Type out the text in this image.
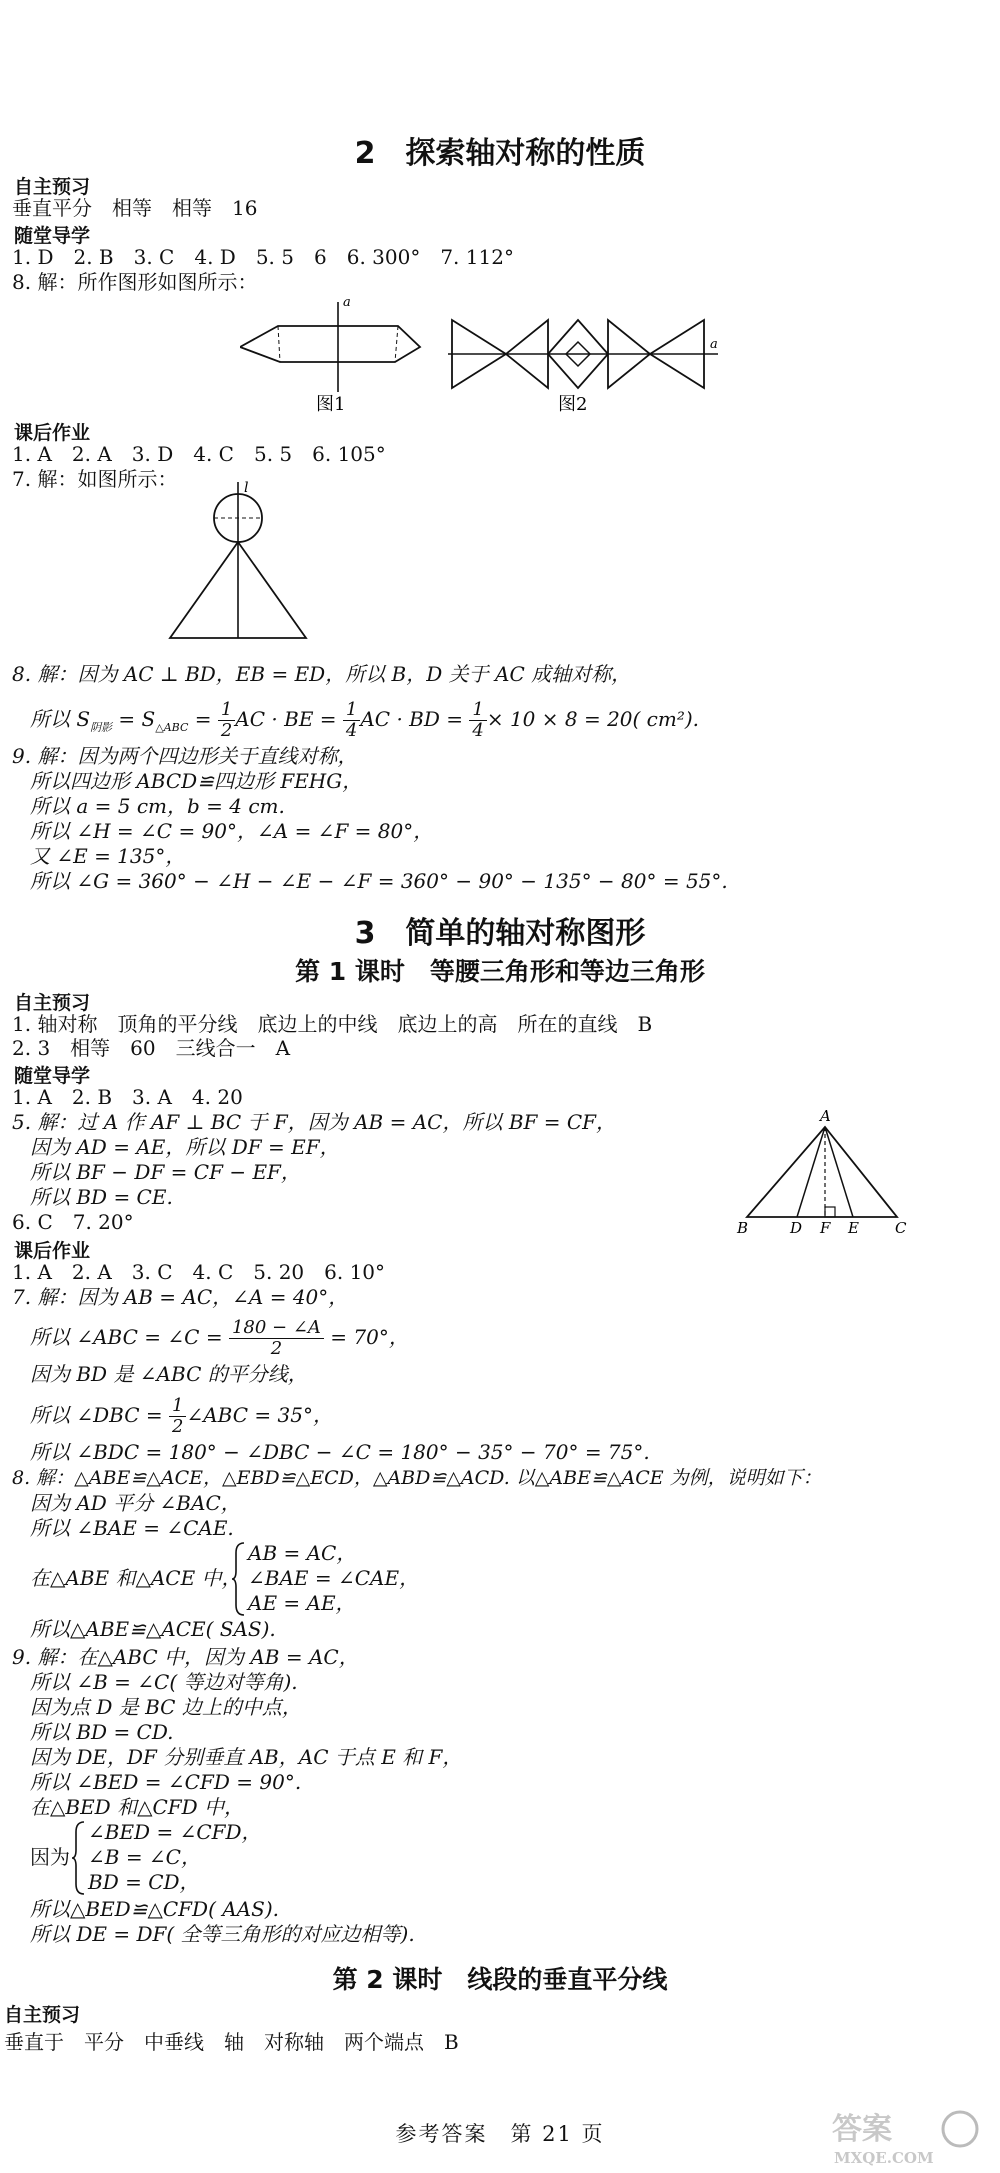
2　探索轴对称的性质
自主预习
垂直平分　相等　相等　16
随堂导学
1. D　2. B　3. C　4. D　5. 5　6　6. 300°　7. 112°
8. 解：所作图形如图所示：
a
a
图1	图2
课后作业
1. A　2. A　3. D　4. C　5. 5　6. 105°
7. 解：如图所示：	l
8. 解：因为 AC ⊥ BD，EB = ED，所以 B，D 关于 AC 成轴对称，
所以 $S_{阴影} = S_{\triangle ABC} = \frac{1}{2}$ AC · BE = $\frac{1}{4}$ AC · BD = $\frac{1}{4} \times 10 \times 8 = 20$( cm²).
9. 解：因为两个四边形关于直线对称，
所以四边形 ABCD≌四边形 FEHG，
所以 a = 5 cm，b = 4 cm.
所以 ∠H = ∠C = 90°，∠A = ∠F = 80°，
又 ∠E = 135°，
所以 ∠G = 360° − ∠H − ∠E − ∠F = 360° − 90° − 135° − 80° = 55°.
3　简单的轴对称图形
第 1 课时　等腰三角形和等边三角形
自主预习
1. 轴对称　顶角的平分线　底边上的中线　底边上的高　所在的直线　B
2. 3　相等　60　三线合一　A
随堂导学
1. A　2. B　3. A　4. 20
5. 解：过 A 作 AF ⊥ BC 于 F，因为 AB = AC，所以 BF = CF，
因为 AD = AE，所以 DF = EF，
所以 BF − DF = CF − EF，
所以 BD = CE.
6. C　7. 20°
A
B	D F E C
课后作业
1. A　2. A　3. C　4. C　5. 20　6. 10°
7. 解：因为 AB = AC，∠A = 40°，
所以 ∠ABC = ∠C = $\frac{180 - \angle A}{2} = 70^\circ$，
因为 BD 是 ∠ABC 的平分线，
所以 ∠DBC = $\frac{1}{2}$ ∠ABC = 35°，
所以 ∠BDC = 180° − ∠DBC − ∠C = 180° − 35° − 70° = 75°.
8. 解：△ABE≌△ACE，△EBD≌△ECD，△ABD≌△ACD. 以△ABE≌△ACE 为例，说明如下：
因为 AD 平分 ∠BAC，
所以 ∠BAE = ∠CAE.
在△ABE 和△ACE 中，
AB = AC，
∠BAE = ∠CAE，
AE = AE，
所以△ABE≌△ACE( SAS).
9. 解：在△ABC 中，因为 AB = AC，
所以 ∠B = ∠C( 等边对等角).
因为点 D 是 BC 边上的中点，
所以 BD = CD.
因为 DE，DF 分别垂直 AB，AC 于点 E 和 F，
所以 ∠BED = ∠CFD = 90°.
在△BED 和△CFD 中，
因为
∠BED = ∠CFD，
∠B = ∠C，
BD = CD，
所以△BED≌△CFD( AAS).
所以 DE = DF( 全等三角形的对应边相等).
第 2 课时　线段的垂直平分线
自主预习
垂直于　平分　中垂线　轴　对称轴　两个端点　B
参考答案　第 21 页	答案
MXQE.COM
